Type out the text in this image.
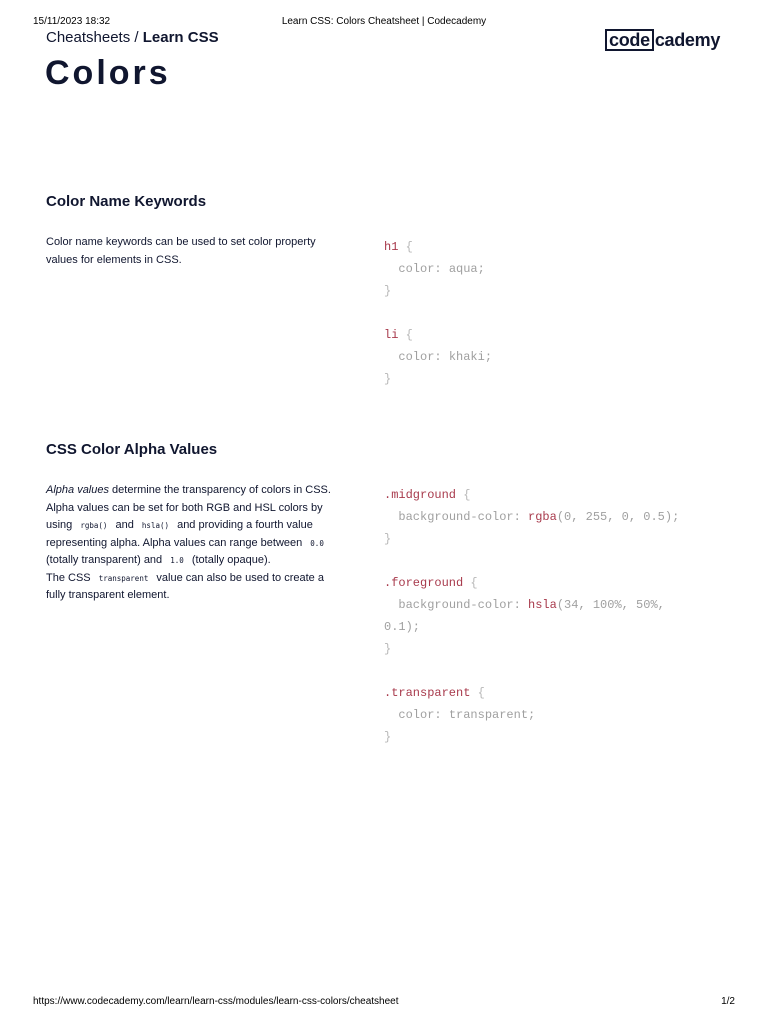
15/11/2023 18:32	Learn CSS: Colors Cheatsheet | Codecademy
Cheatsheets / Learn CSS	code cademy
Colors
Color Name Keywords

Color name keywords can be used to set color property values for elements in CSS.

h1 {
color: aqua;
}

li {
color: khaki;
}
CSS Color Alpha Values

Alpha values determine the transparency of colors in CSS. Alpha values can be set for both RGB and HSL colors by using rgba() and hsla() and providing a fourth value representing alpha. Alpha values can range between 0.0 (totally transparent) and 1.0 (totally opaque).
The CSS transparent value can also be used to create a fully transparent element.

.midground {
background-color: rgba(0, 255, 0, 0.5);
}

.foreground {
background-color: hsla(34, 100%, 50%,
0.1);
}

.transparent {
color: transparent;
}
https://www.codecademy.com/learn/learn-css/modules/learn-css-colors/cheatsheet	1/2
